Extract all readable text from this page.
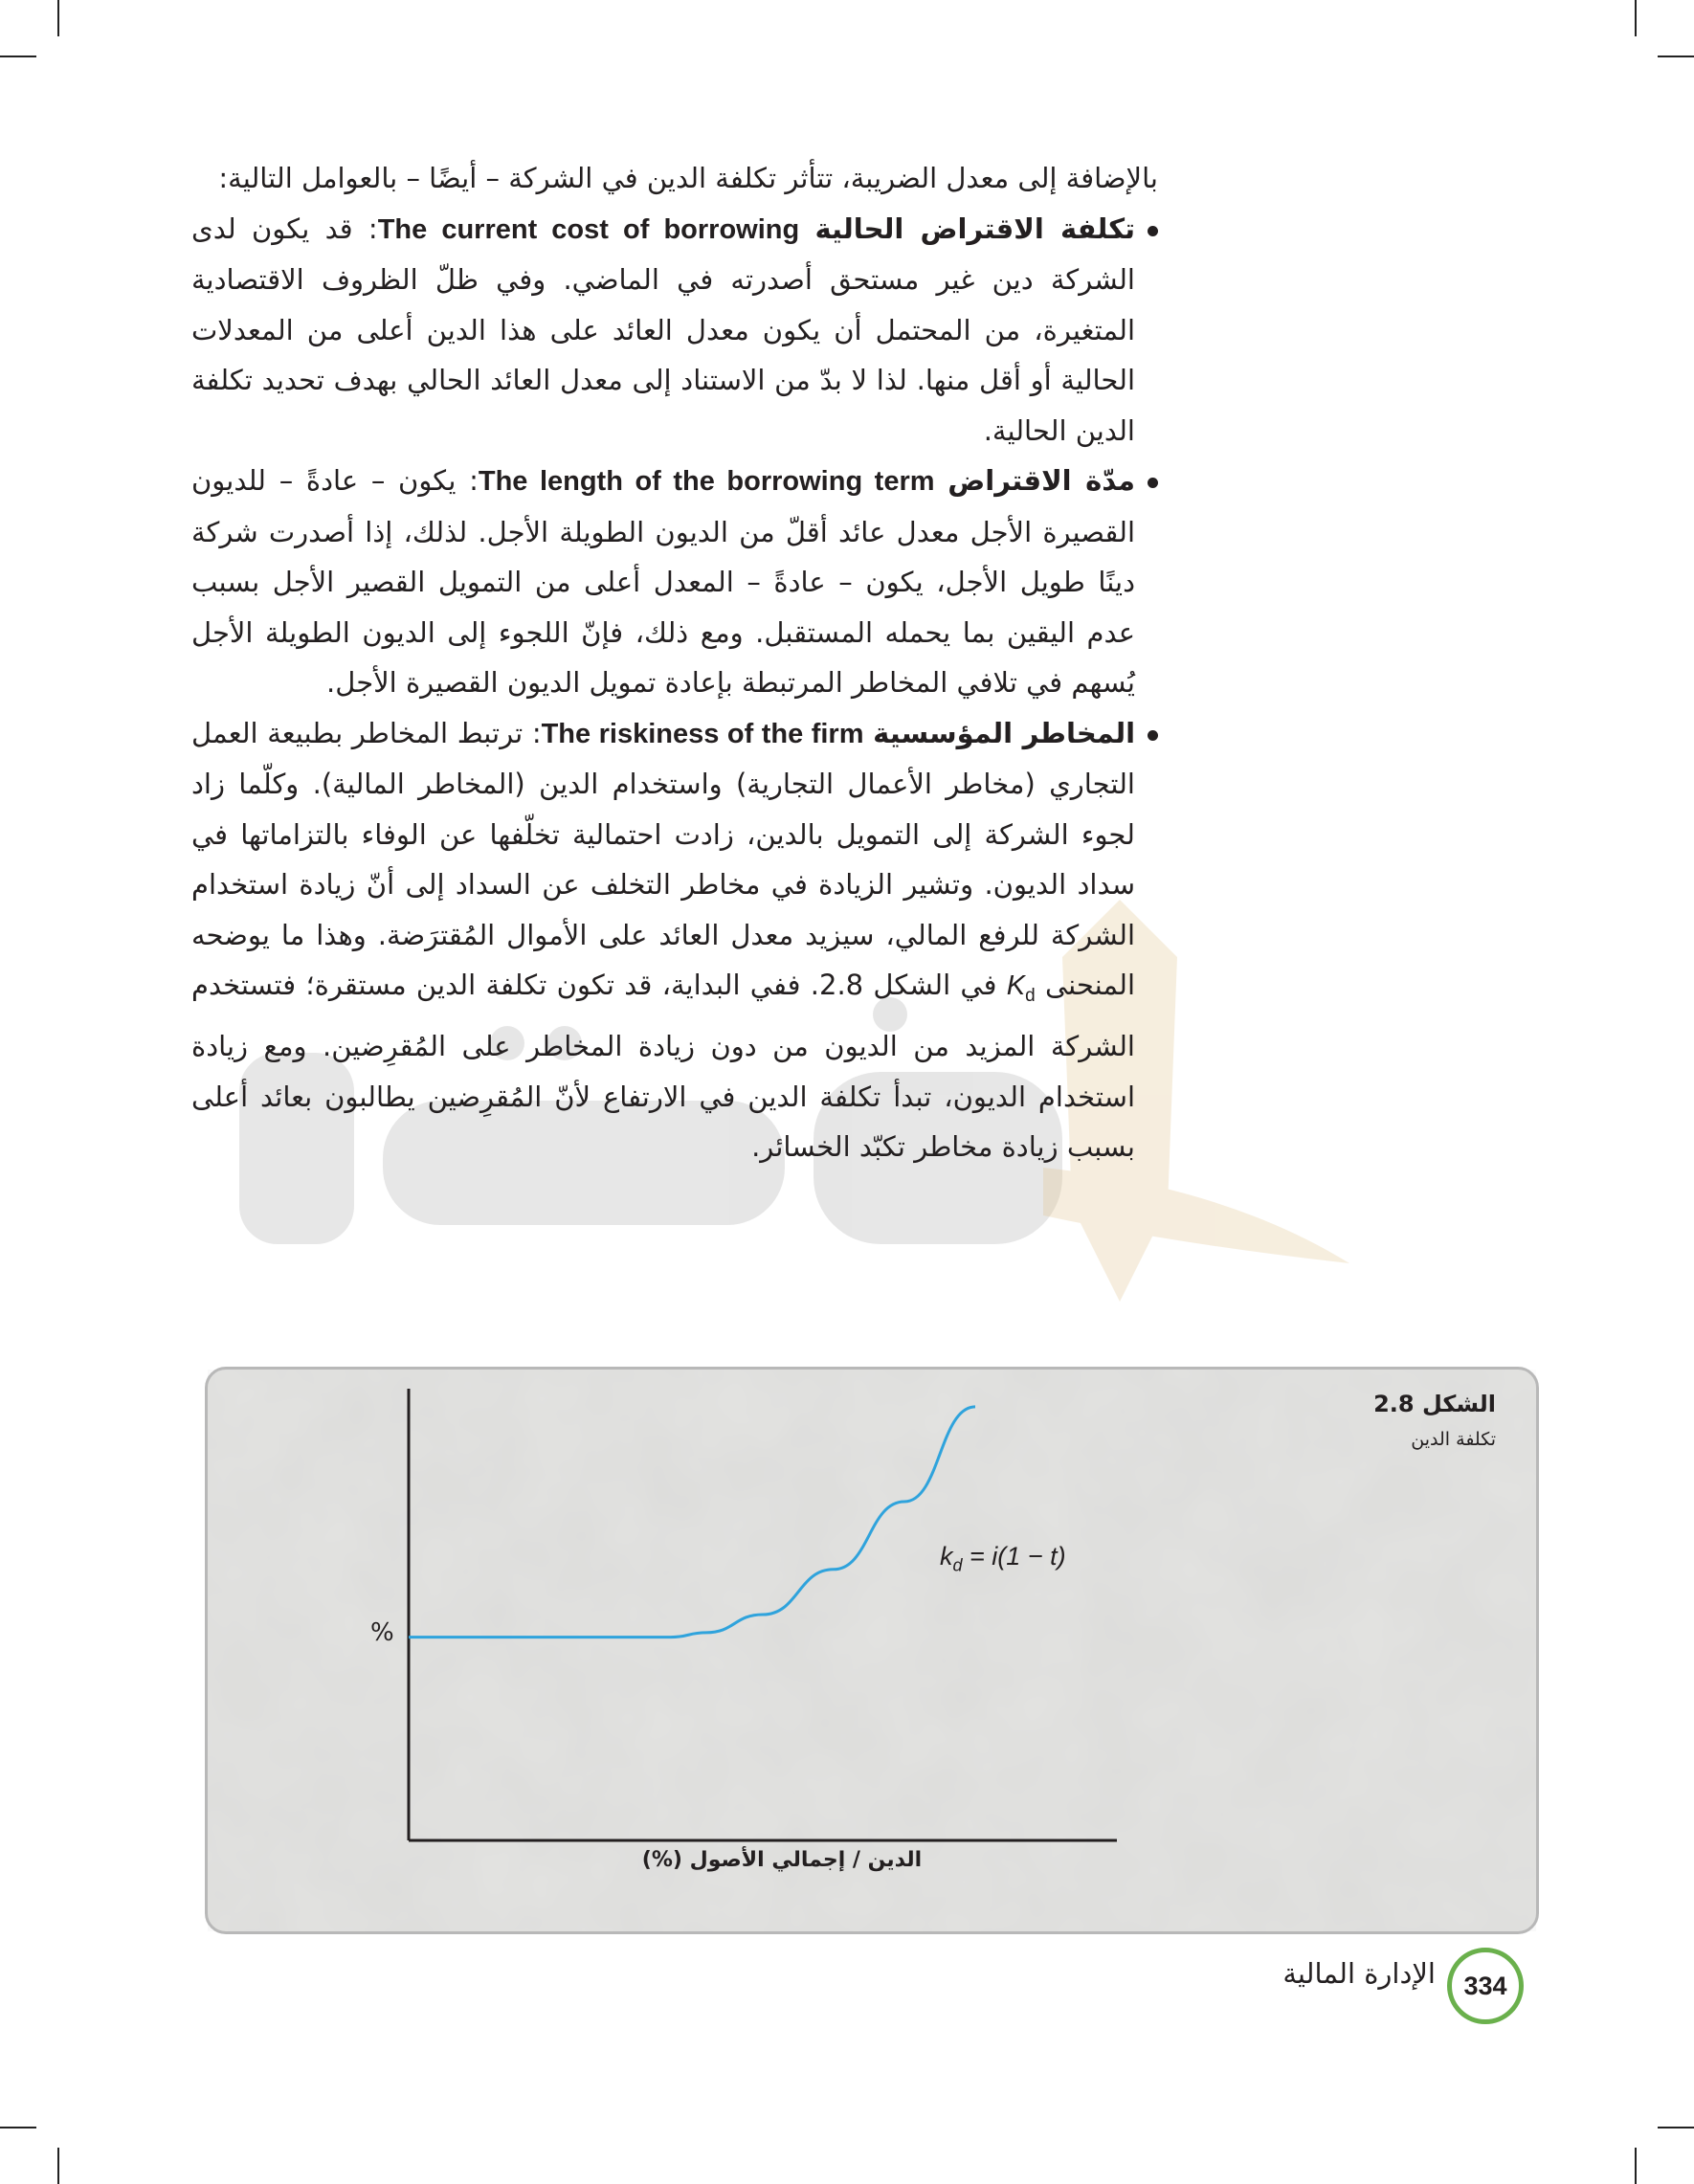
بالإضافة إلى معدل الضريبة، تتأثر تكلفة الدين في الشركة – أيضًا – بالعوامل التالية:

تكلفة الاقتراض الحالية The current cost of borrowing: قد يكون لدى الشركة دين غير مستحق أصدرته في الماضي. وفي ظلّ الظروف الاقتصادية المتغيرة، من المحتمل أن يكون معدل العائد على هذا الدين أعلى من المعدلات الحالية أو أقل منها. لذا لا بدّ من الاستناد إلى معدل العائد الحالي بهدف تحديد تكلفة الدين الحالية.

مدّة الاقتراض The length of the borrowing term: يكون – عادةً – للديون القصيرة الأجل معدل عائد أقلّ من الديون الطويلة الأجل. لذلك، إذا أصدرت شركة دينًا طويل الأجل، يكون – عادةً – المعدل أعلى من التمويل القصير الأجل بسبب عدم اليقين بما يحمله المستقبل. ومع ذلك، فإنّ اللجوء إلى الديون الطويلة الأجل يُسهم في تلافي المخاطر المرتبطة بإعادة تمويل الديون القصيرة الأجل.

المخاطر المؤسسية The riskiness of the firm: ترتبط المخاطر بطبيعة العمل التجاري (مخاطر الأعمال التجارية) واستخدام الدين (المخاطر المالية). وكلّما زاد لجوء الشركة إلى التمويل بالدين، زادت احتمالية تخلّفها عن الوفاء بالتزاماتها في سداد الديون. وتشير الزيادة في مخاطر التخلف عن السداد إلى أنّ زيادة استخدام الشركة للرفع المالي، سيزيد معدل العائد على الأموال المُقترَضة. وهذا ما يوضحه المنحنى $K_d$ في الشكل 2.8. ففي البداية، قد تكون تكلفة الدين مستقرة؛ فتستخدم الشركة المزيد من الديون من دون زيادة المخاطر على المُقرِضين. ومع زيادة استخدام الديون، تبدأ تكلفة الدين في الارتفاع لأنّ المُقرِضين يطالبون بعائد أعلى بسبب زيادة مخاطر تكبّد الخسائر.

الشكل 2.8
تكلفة الدين
%
الدين / إجمالي الأصول (%)
$k_d = i(1 - t)$
334
الإدارة المالية
